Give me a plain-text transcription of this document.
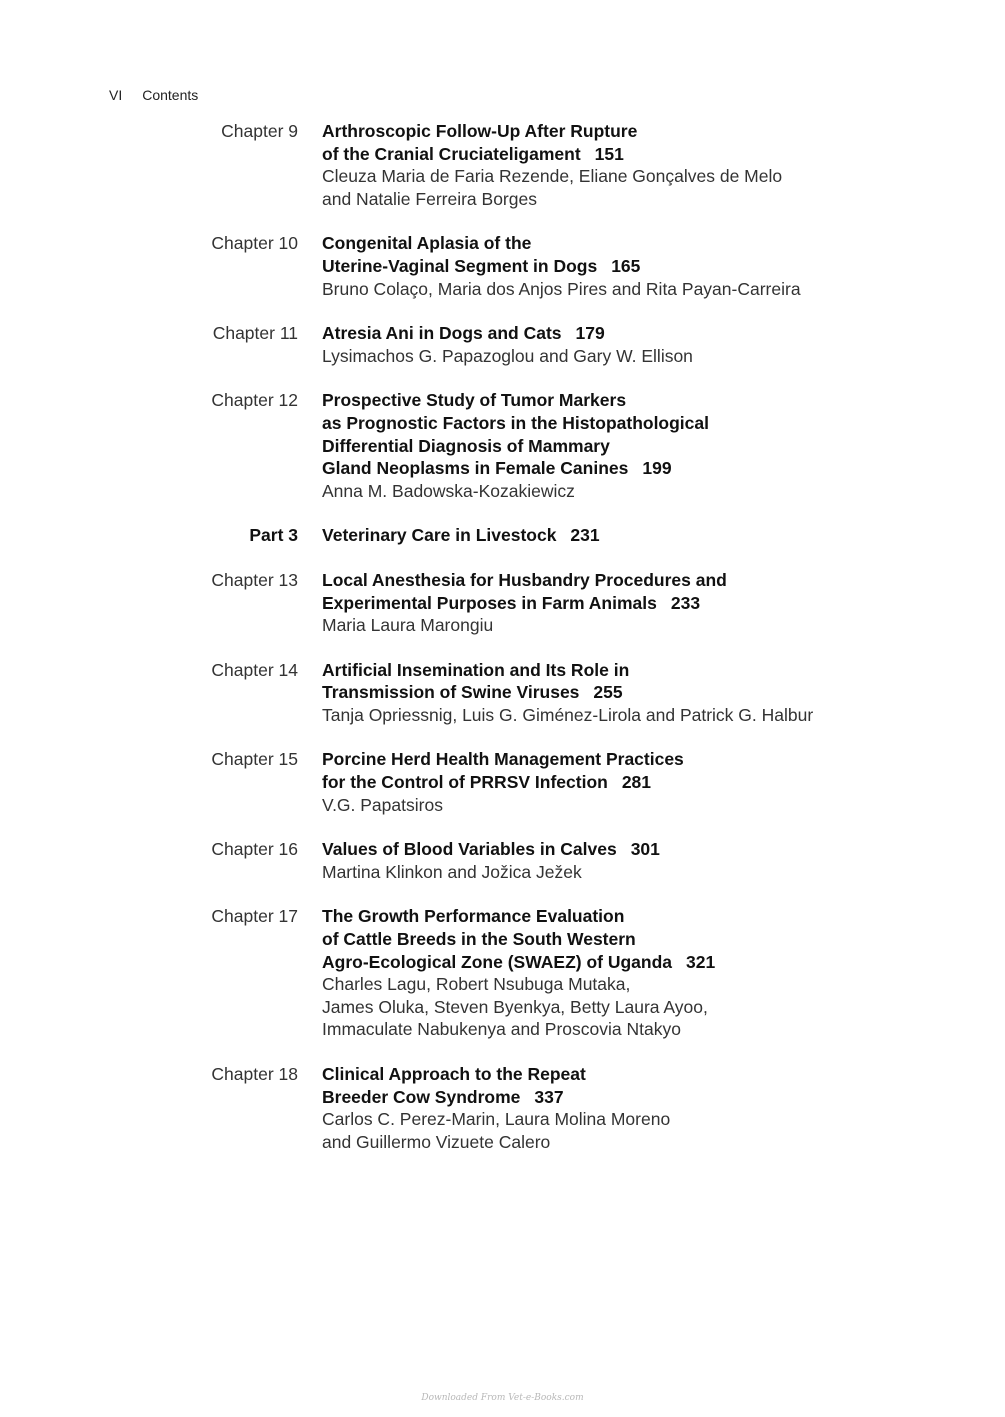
VI Contents
Chapter 9 Arthroscopic Follow-Up After Rupture
of the Cranial Cruciateligament 151
Cleuza Maria de Faria Rezende, Eliane Gonçalves de Melo
and Natalie Ferreira Borges
Chapter 10 Congenital Aplasia of the
Uterine-Vaginal Segment in Dogs 165
Bruno Colaço, Maria dos Anjos Pires and Rita Payan-Carreira
Chapter 11 Atresia Ani in Dogs and Cats 179
Lysimachos G. Papazoglou and Gary W. Ellison
Chapter 12 Prospective Study of Tumor Markers
as Prognostic Factors in the Histopathological
Differential Diagnosis of Mammary
Gland Neoplasms in Female Canines 199
Anna M. Badowska-Kozakiewicz
Part 3 Veterinary Care in Livestock 231
Chapter 13 Local Anesthesia for Husbandry Procedures and
Experimental Purposes in Farm Animals 233
Maria Laura Marongiu
Chapter 14 Artificial Insemination and Its Role in
Transmission of Swine Viruses 255
Tanja Opriessnig, Luis G. Giménez-Lirola and Patrick G. Halbur
Chapter 15 Porcine Herd Health Management Practices
for the Control of PRRSV Infection 281
V.G. Papatsiros
Chapter 16 Values of Blood Variables in Calves 301
Martina Klinkon and Jožica Ježek
Chapter 17 The Growth Performance Evaluation
of Cattle Breeds in the South Western
Agro-Ecological Zone (SWAEZ) of Uganda 321
Charles Lagu, Robert Nsubuga Mutaka,
James Oluka, Steven Byenkya, Betty Laura Ayoo,
Immaculate Nabukenya and Proscovia Ntakyo
Chapter 18 Clinical Approach to the Repeat
Breeder Cow Syndrome 337
Carlos C. Perez-Marin, Laura Molina Moreno
and Guillermo Vizuete Calero
Downloaded From Vet-e-Books.com
